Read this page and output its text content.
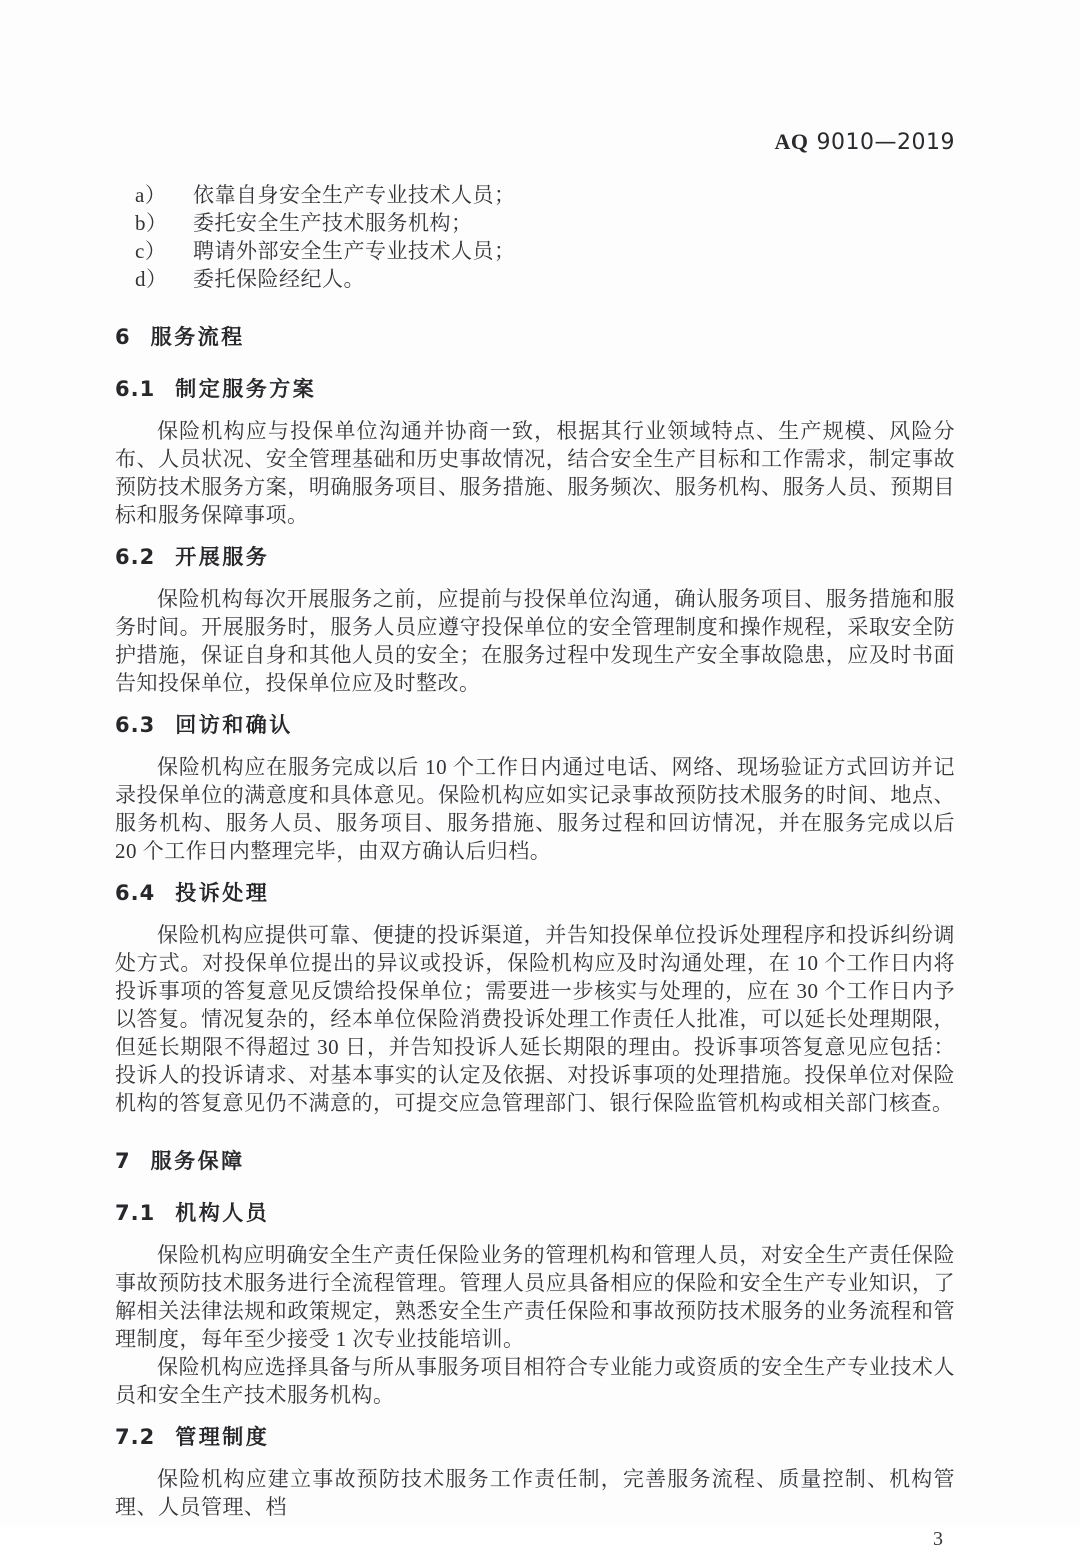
AQ 9010—2019
a） 依靠自身安全生产专业技术人员；
b） 委托安全生产技术服务机构；
c） 聘请外部安全生产专业技术人员；
d） 委托保险经纪人。
6 服务流程
6.1 制定服务方案

保险机构应与投保单位沟通并协商一致，根据其行业领域特点、生产规模、风险分布、人员状况、安全管理基础和历史事故情况，结合安全生产目标和工作需求，制定事故预防技术服务方案，明确服务项目、服务措施、服务频次、服务机构、服务人员、预期目标和服务保障事项。

6.2 开展服务

保险机构每次开展服务之前，应提前与投保单位沟通，确认服务项目、服务措施和服务时间。开展服务时，服务人员应遵守投保单位的安全管理制度和操作规程，采取安全防护措施，保证自身和其他人员的安全；在服务过程中发现生产安全事故隐患，应及时书面告知投保单位，投保单位应及时整改。

6.3 回访和确认

保险机构应在服务完成以后 10 个工作日内通过电话、网络、现场验证方式回访并记录投保单位的满意度和具体意见。保险机构应如实记录事故预防技术服务的时间、地点、服务机构、服务人员、服务项目、服务措施、服务过程和回访情况，并在服务完成以后 20 个工作日内整理完毕，由双方确认后归档。

6.4 投诉处理

保险机构应提供可靠、便捷的投诉渠道，并告知投保单位投诉处理程序和投诉纠纷调处方式。对投保单位提出的异议或投诉，保险机构应及时沟通处理，在 10 个工作日内将投诉事项的答复意见反馈给投保单位；需要进一步核实与处理的，应在 30 个工作日内予以答复。情况复杂的，经本单位保险消费投诉处理工作责任人批准，可以延长处理期限，但延长期限不得超过 30 日，并告知投诉人延长期限的理由。投诉事项答复意见应包括：投诉人的投诉请求、对基本事实的认定及依据、对投诉事项的处理措施。投保单位对保险机构的答复意见仍不满意的，可提交应急管理部门、银行保险监管机构或相关部门核查。

7 服务保障
7.1 机构人员

保险机构应明确安全生产责任保险业务的管理机构和管理人员，对安全生产责任保险事故预防技术服务进行全流程管理。管理人员应具备相应的保险和安全生产专业知识，了解相关法律法规和政策规定，熟悉安全生产责任保险和事故预防技术服务的业务流程和管理制度，每年至少接受 1 次专业技能培训。

保险机构应选择具备与所从事服务项目相符合专业能力或资质的安全生产专业技术人员和安全生产技术服务机构。

7.2 管理制度

保险机构应建立事故预防技术服务工作责任制，完善服务流程、质量控制、机构管理、人员管理、档

3
